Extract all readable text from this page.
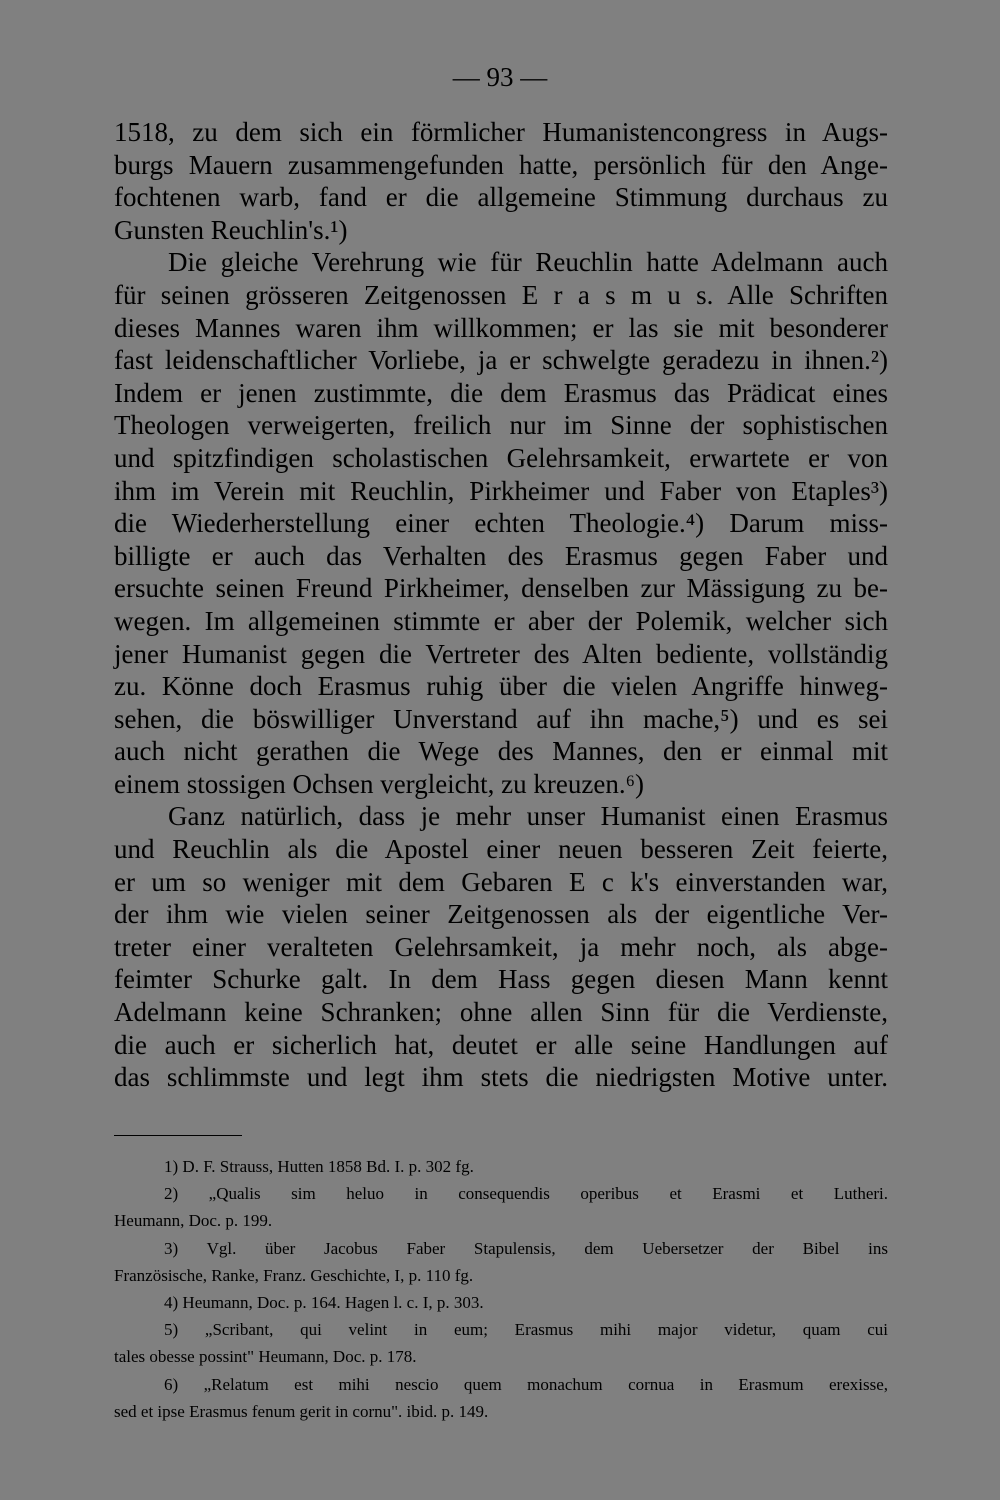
— 93 —
1518, zu dem sich ein förmlicher Humanistencongress in Augs-
burgs Mauern zusammengefunden hatte, persönlich für den Ange-
fochtenen warb, fand er die allgemeine Stimmung durchaus zu
Gunsten Reuchlin's.¹)
Die gleiche Verehrung wie für Reuchlin hatte Adelmann auch
für seinen grösseren Zeitgenossen E r a s m u s. Alle Schriften
dieses Mannes waren ihm willkommen; er las sie mit besonderer
fast leidenschaftlicher Vorliebe, ja er schwelgte geradezu in ihnen.²)
Indem er jenen zustimmte, die dem Erasmus das Prädicat eines
Theologen verweigerten, freilich nur im Sinne der sophistischen
und spitzfindigen scholastischen Gelehrsamkeit, erwartete er von
ihm im Verein mit Reuchlin, Pirkheimer und Faber von Etaples³)
die Wiederherstellung einer echten Theologie.⁴) Darum miss-
billigte er auch das Verhalten des Erasmus gegen Faber und
ersuchte seinen Freund Pirkheimer, denselben zur Mässigung zu be-
wegen. Im allgemeinen stimmte er aber der Polemik, welcher sich
jener Humanist gegen die Vertreter des Alten bediente, vollständig
zu. Könne doch Erasmus ruhig über die vielen Angriffe hinweg-
sehen, die böswilliger Unverstand auf ihn mache,⁵) und es sei
auch nicht gerathen die Wege des Mannes, den er einmal mit
einem stossigen Ochsen vergleicht, zu kreuzen.⁶)
Ganz natürlich, dass je mehr unser Humanist einen Erasmus
und Reuchlin als die Apostel einer neuen besseren Zeit feierte,
er um so weniger mit dem Gebaren E c k's einverstanden war,
der ihm wie vielen seiner Zeitgenossen als der eigentliche Ver-
treter einer veralteten Gelehrsamkeit, ja mehr noch, als abge-
feimter Schurke galt. In dem Hass gegen diesen Mann kennt
Adelmann keine Schranken; ohne allen Sinn für die Verdienste,
die auch er sicherlich hat, deutet er alle seine Handlungen auf
das schlimmste und legt ihm stets die niedrigsten Motive unter.
1) D. F. Strauss, Hutten 1858 Bd. I. p. 302 fg.
2) „Qualis sim heluo in consequendis operibus et Erasmi et Lutheri.
Heumann, Doc. p. 199.
3) Vgl. über Jacobus Faber Stapulensis, dem Uebersetzer der Bibel ins
Französische, Ranke, Franz. Geschichte, I, p. 110 fg.
4) Heumann, Doc. p. 164. Hagen l. c. I, p. 303.
5) „Scribant, qui velint in eum; Erasmus mihi major videtur, quam cui
tales obesse possint" Heumann, Doc. p. 178.
6) „Relatum est mihi nescio quem monachum cornua in Erasmum erexisse,
sed et ipse Erasmus fenum gerit in cornu". ibid. p. 149.
